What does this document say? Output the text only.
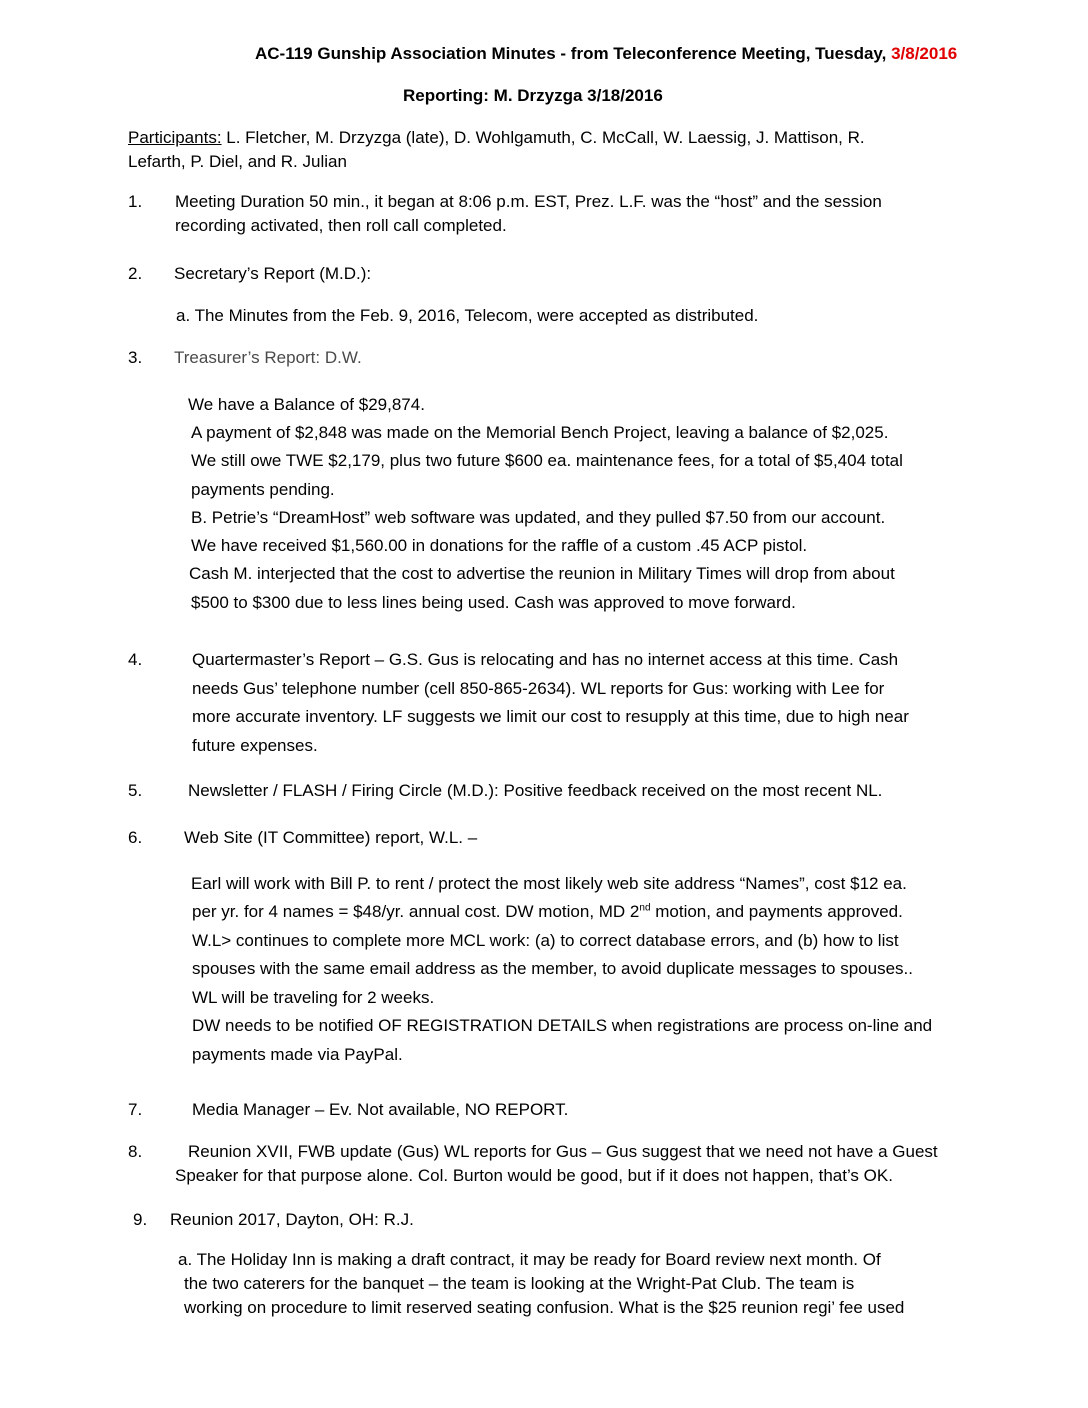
AC-119 Gunship Association Minutes - from Teleconference Meeting, Tuesday, 3/8/2016
Reporting: M. Drzyzga 3/18/2016
Participants: L. Fletcher, M. Drzyzga (late), D. Wohlgamuth, C. McCall, W. Laessig, J. Mattison, R.
Lefarth, P. Diel, and R. Julian
1. Meeting Duration 50 min., it began at 8:06 p.m. EST, Prez. L.F. was the “host” and the session
recording activated, then roll call completed.
2. Secretary’s Report (M.D.):
a. The Minutes from the Feb. 9, 2016, Telecom, were accepted as distributed.
3. Treasurer’s Report: D.W.
We have a Balance of $29,874.
A payment of $2,848 was made on the Memorial Bench Project, leaving a balance of $2,025.
We still owe TWE $2,179, plus two future $600 ea. maintenance fees, for a total of $5,404 total
payments pending.
B. Petrie’s “DreamHost” web software was updated, and they pulled $7.50 from our account.
We have received $1,560.00 in donations for the raffle of a custom .45 ACP pistol.
Cash M. interjected that the cost to advertise the reunion in Military Times will drop from about
$500 to $300 due to less lines being used. Cash was approved to move forward.
4.	Quartermaster’s Report – G.S. Gus is relocating and has no internet access at this time. Cash
needs Gus’ telephone number (cell 850-865-2634). WL reports for Gus: working with Lee for
more accurate inventory. LF suggests we limit our cost to resupply at this time, due to high near
future expenses.
5.	Newsletter / FLASH / Firing Circle (M.D.): Positive feedback received on the most recent NL.
6. Web Site (IT Committee) report, W.L. –
Earl will work with Bill P. to rent / protect the most likely web site address “Names”, cost $12 ea.
per yr. for 4 names = $48/yr. annual cost. DW motion, MD 2nd motion, and payments approved.
W.L> continues to complete more MCL work: (a) to correct database errors, and (b) how to list
spouses with the same email address as the member, to avoid duplicate messages to spouses..
WL will be traveling for 2 weeks.
DW needs to be notified OF REGISTRATION DETAILS when registrations are process on-line and
payments made via PayPal.
7.	Media Manager – Ev. Not available, NO REPORT.
8.	Reunion XVII, FWB update (Gus) WL reports for Gus – Gus suggest that we need not have a Guest
Speaker for that purpose alone. Col. Burton would be good, but if it does not happen, that’s OK.
9. Reunion 2017, Dayton, OH: R.J.
a. The Holiday Inn is making a draft contract, it may be ready for Board review next month. Of
the two caterers for the banquet – the team is looking at the Wright-Pat Club. The team is
working on procedure to limit reserved seating confusion. What is the $25 reunion regi’ fee used
